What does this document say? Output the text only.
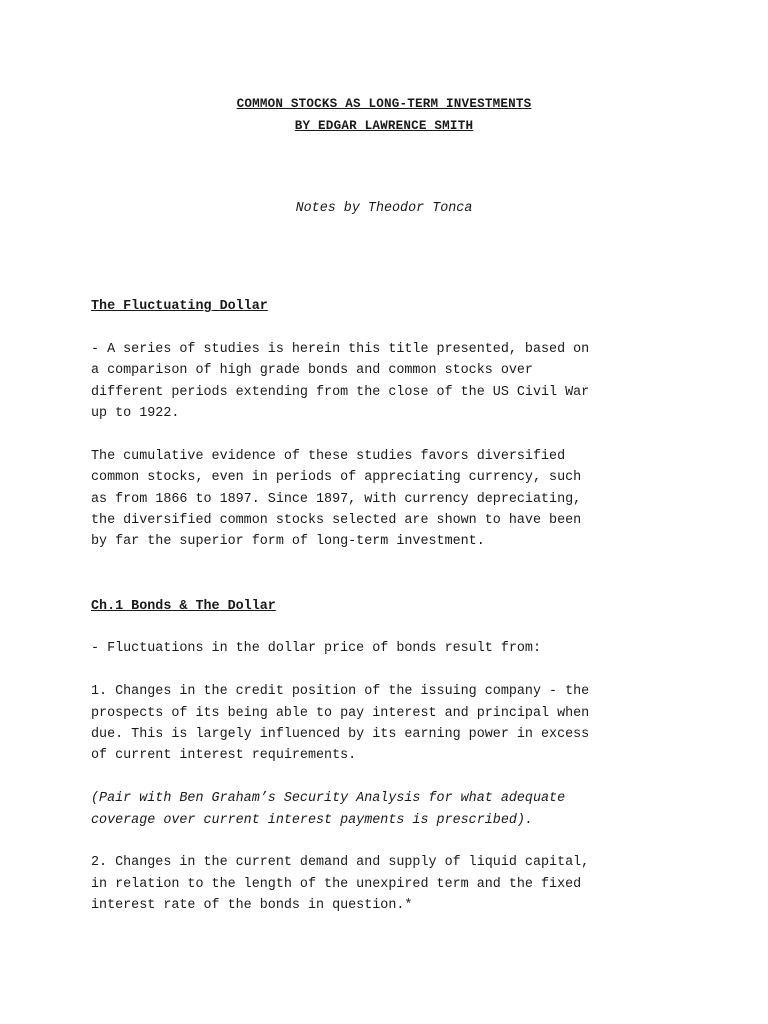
COMMON STOCKS AS LONG-TERM INVESTMENTS
BY EDGAR LAWRENCE SMITH
Notes by Theodor Tonca

The Fluctuating Dollar

- A series of studies is herein this title presented, based on
a comparison of high grade bonds and common stocks over
different periods extending from the close of the US Civil War
up to 1922.

The cumulative evidence of these studies favors diversified
common stocks, even in periods of appreciating currency, such
as from 1866 to 1897. Since 1897, with currency depreciating,
the diversified common stocks selected are shown to have been
by far the superior form of long-term investment.

Ch.1 Bonds & The Dollar

- Fluctuations in the dollar price of bonds result from:

1. Changes in the credit position of the issuing company - the
prospects of its being able to pay interest and principal when
due. This is largely influenced by its earning power in excess
of current interest requirements.

(Pair with Ben Graham’s Security Analysis for what adequate
coverage over current interest payments is prescribed).

2. Changes in the current demand and supply of liquid capital,
in relation to the length of the unexpired term and the fixed
interest rate of the bonds in question.*
